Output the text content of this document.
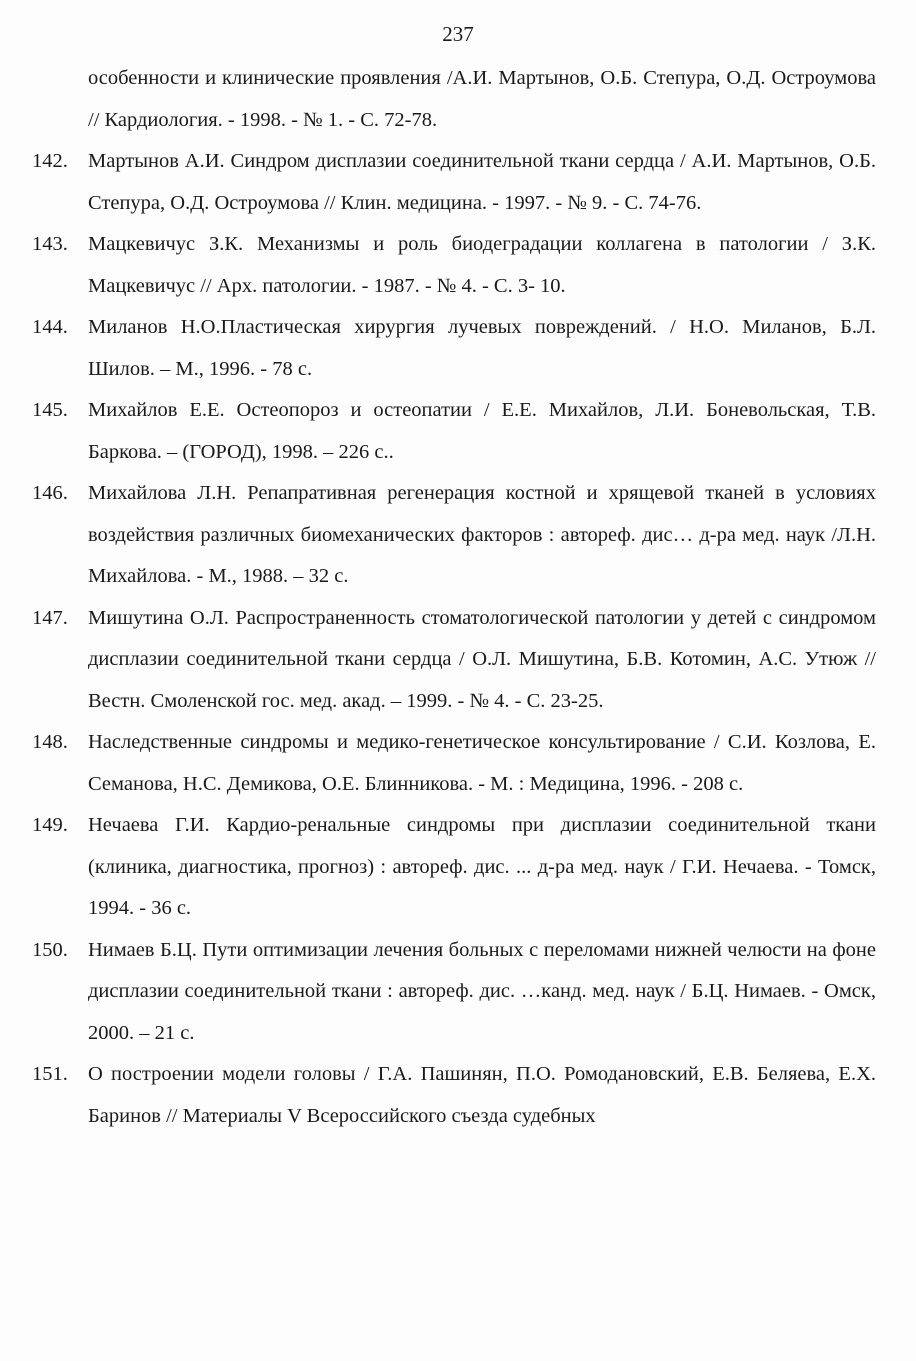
237
особенности и клинические проявления /А.И. Мартынов, О.Б. Степура, О.Д. Остроумова // Кардиология. - 1998. - № 1. - С. 72-78.
142. Мартынов А.И. Синдром дисплазии соединительной ткани сердца / А.И. Мартынов, О.Б. Степура, О.Д. Остроумова // Клин. медицина. - 1997. - № 9. - С. 74-76.
143. Мацкевичус З.К. Механизмы и роль биодеградации коллагена в патологии / З.К. Мацкевичус // Арх. патологии. - 1987. - № 4. - С. 3- 10.
144. Миланов Н.О.Пластическая хирургия лучевых повреждений. / Н.О. Миланов, Б.Л. Шилов. – М., 1996. - 78 с.
145. Михайлов Е.Е. Остеопороз и остеопатии / Е.Е. Михайлов, Л.И. Боневольская, Т.В. Баркова. – (ГОРОД), 1998. – 226 с..
146. Михайлова Л.Н. Репапративная регенерация костной и хрящевой тканей в условиях воздействия различных биомеханических факторов : автореф. дис… д-ра мед. наук /Л.Н. Михайлова. - М., 1988. – 32 с.
147. Мишутина О.Л. Распространенность стоматологической патологии у детей с синдромом дисплазии соединительной ткани сердца / О.Л. Мишутина, Б.В. Котомин, А.С. Утюж // Вестн. Смоленской гос. мед. акад. – 1999. - № 4. - С. 23-25.
148. Наследственные синдромы и медико-генетическое консультирование / С.И. Козлова, Е. Семанова, Н.С. Демикова, О.Е. Блинникова. - М. : Медицина, 1996. - 208 с.
149. Нечаева Г.И. Кардио-ренальные синдромы при дисплазии соединительной ткани (клиника, диагностика, прогноз) : автореф. дис. ... д-ра мед. наук / Г.И. Нечаева. - Томск, 1994. - 36 с.
150. Нимаев Б.Ц. Пути оптимизации лечения больных с переломами нижней челюсти на фоне дисплазии соединительной ткани : автореф. дис. …канд. мед. наук / Б.Ц. Нимаев. - Омск, 2000. – 21 с.
151. О построении модели головы / Г.А. Пашинян, П.О. Ромодановский, Е.В. Беляева, Е.Х. Баринов // Материалы V Всероссийского съезда судебных
